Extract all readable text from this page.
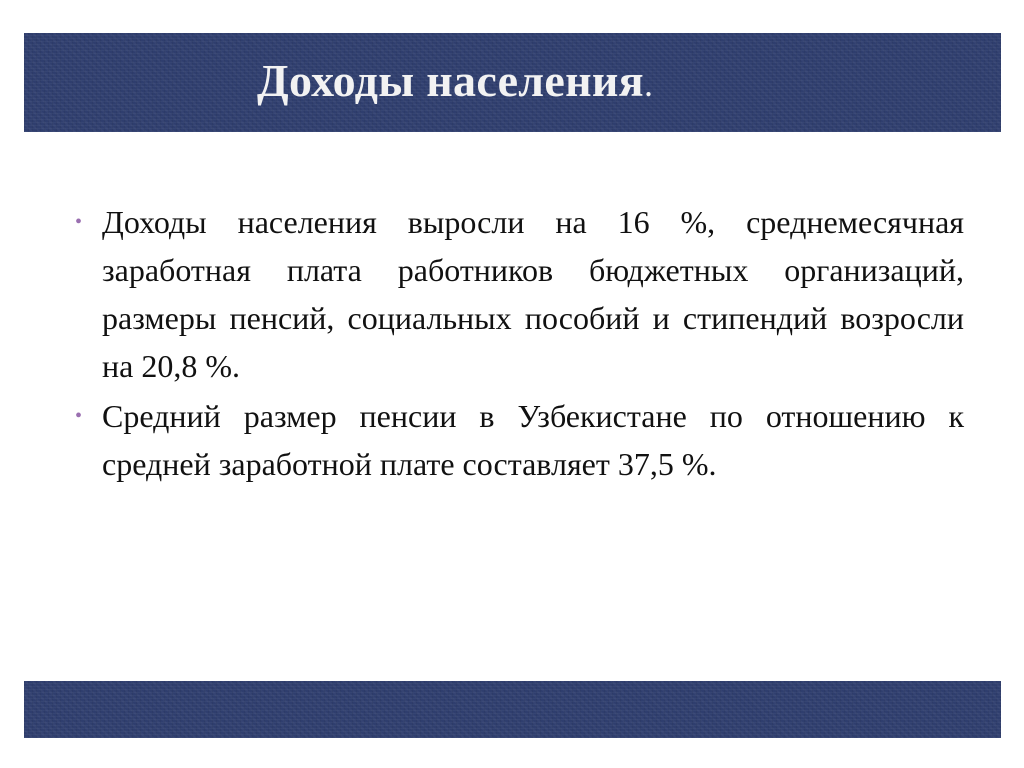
Доходы населения.
• Доходы населения выросли на 16 %, среднемесячная заработная плата работников бюджетных организаций, размеры пенсий, социальных пособий и стипендий возросли на 20,8 %.
• Средний размер пенсии в Узбекистане по отношению к средней заработной плате составляет 37,5 %.
